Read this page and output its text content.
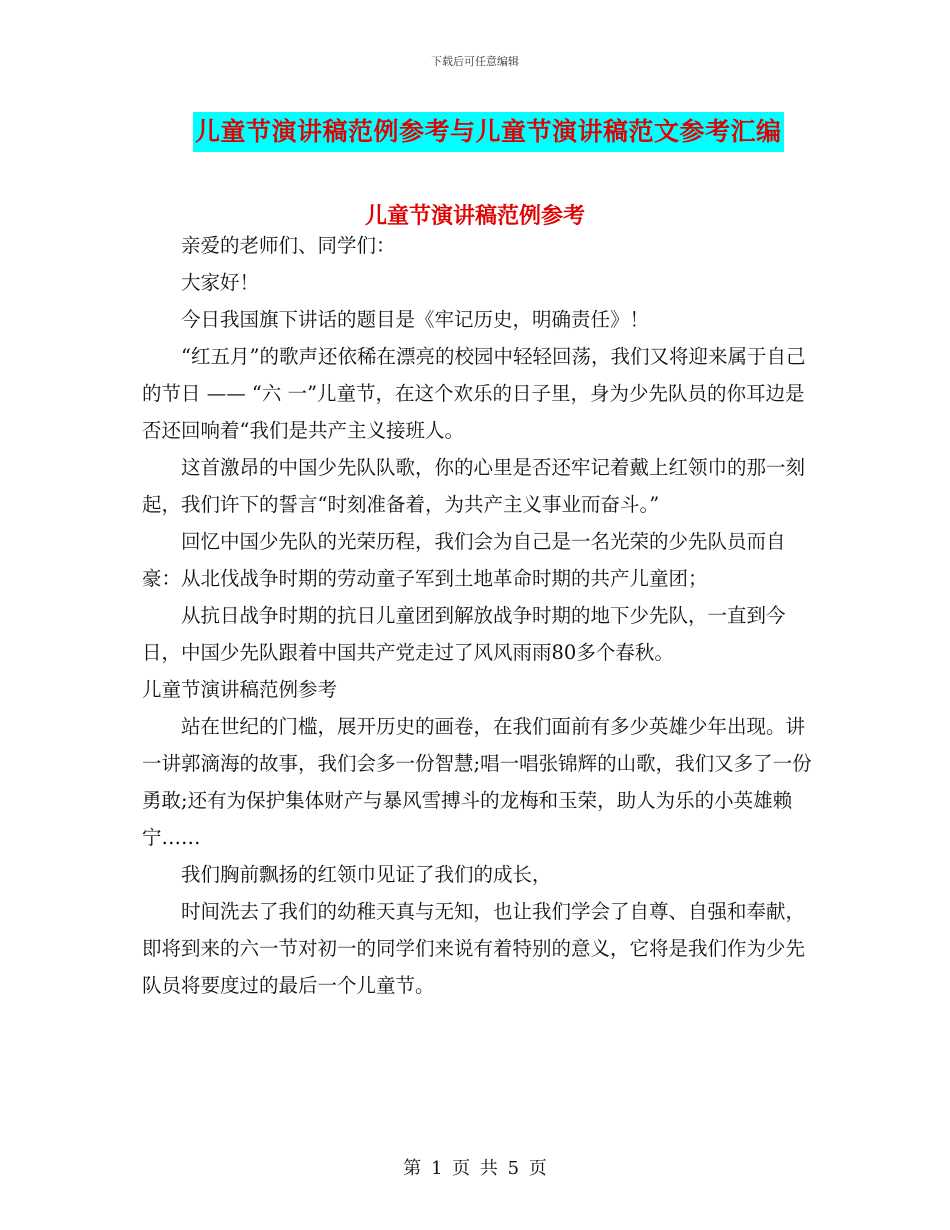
下载后可任意编辑
儿童节演讲稿范例参考与儿童节演讲稿范文参考汇编
儿童节演讲稿范例参考

亲爱的老师们、同学们：

大家好！

今日我国旗下讲话的题目是《牢记历史，明确责任》！

“红五月”的歌声还依稀在漂亮的校园中轻轻回荡，我们又将迎来属于自己 的节日 —— “六 一”儿童节，在这个欢乐的日子里，身为少先队员的你耳边是否还回响着“我们是共产主义接班人。

这首激昂的中国少先队队歌，你的心里是否还牢记着戴上红领巾的那一刻起，我们许下的誓言“时刻准备着，为共产主义事业而奋斗。”

回忆中国少先队的光荣历程，我们会为自己是一名光荣的少先队员而自豪：从北伐战争时期的劳动童子军到土地革命时期的共产儿童团；

从抗日战争时期的抗日儿童团到解放战争时期的地下少先队，一直到今日，中国少先队跟着中国共产党走过了风风雨雨80多个春秋。

儿童节演讲稿范例参考

站在世纪的门槛，展开历史的画卷，在我们面前有多少英雄少年出现。讲一讲郭滴海的故事，我们会多一份智慧;唱一唱张锦辉的山歌，我们又多了一份勇敢;还有为保护集体财产与暴风雪搏斗的龙梅和玉荣，助人为乐的小英雄赖宁……

我们胸前飘扬的红领巾见证了我们的成长，

时间洗去了我们的幼稚天真与无知，也让我们学会了自尊、自强和奉献，即将到来的六一节对初一的同学们来说有着特别的意义，它将是我们作为少先队员将要度过的最后一个儿童节。

第 1 页 共 5 页
